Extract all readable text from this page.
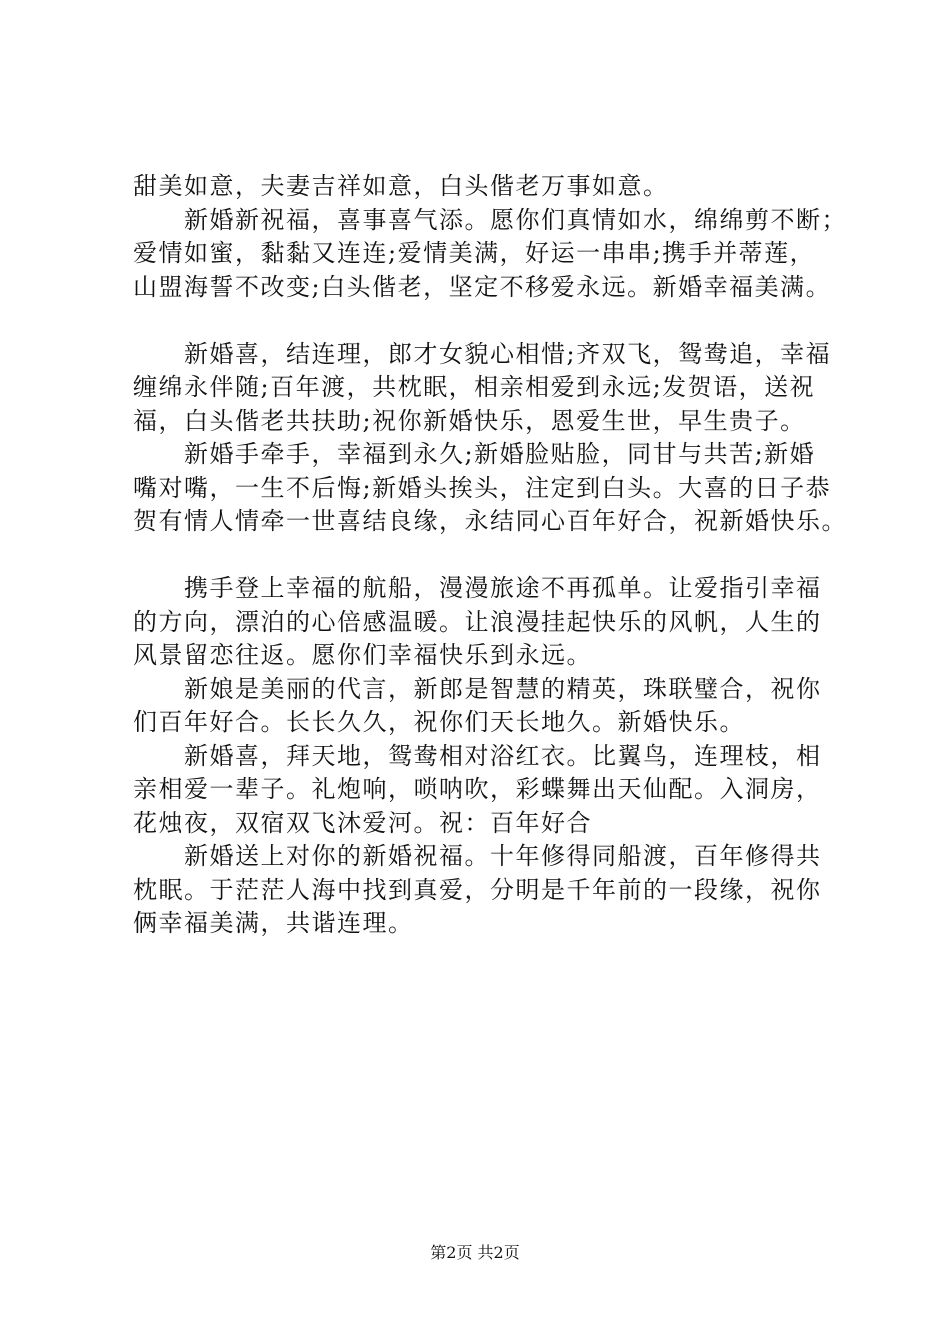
甜美如意，夫妻吉祥如意，白头偕老万事如意。
　　新婚新祝福，喜事喜气添。愿你们真情如水，绵绵剪不断；
爱情如蜜，黏黏又连连;爱情美满，好运一串串;携手并蒂莲，
山盟海誓不改变;白头偕老，坚定不移爱永远。新婚幸福美满。
　　新婚喜，结连理，郎才女貌心相惜;齐双飞，鸳鸯追，幸福
缠绵永伴随;百年渡，共枕眠，相亲相爱到永远;发贺语，送祝
福，白头偕老共扶助;祝你新婚快乐，恩爱生世，早生贵子。
　　新婚手牵手，幸福到永久;新婚脸贴脸，同甘与共苦;新婚
嘴对嘴，一生不后悔;新婚头挨头，注定到白头。大喜的日子恭
贺有情人情牵一世喜结良缘，永结同心百年好合，祝新婚快乐。
　　携手登上幸福的航船，漫漫旅途不再孤单。让爱指引幸福
的方向，漂泊的心倍感温暖。让浪漫挂起快乐的风帆，人生的
风景留恋往返。愿你们幸福快乐到永远。
　　新娘是美丽的代言，新郎是智慧的精英，珠联璧合，祝你
们百年好合。长长久久，祝你们天长地久。新婚快乐。
　　新婚喜，拜天地，鸳鸯相对浴红衣。比翼鸟，连理枝，相
亲相爱一辈子。礼炮响，唢呐吹，彩蝶舞出天仙配。入洞房，
花烛夜，双宿双飞沐爱河。祝：百年好合
　　新婚送上对你的新婚祝福。十年修得同船渡，百年修得共
枕眠。于茫茫人海中找到真爱，分明是千年前的一段缘，祝你
俩幸福美满，共谐连理。
第2页 共2页
